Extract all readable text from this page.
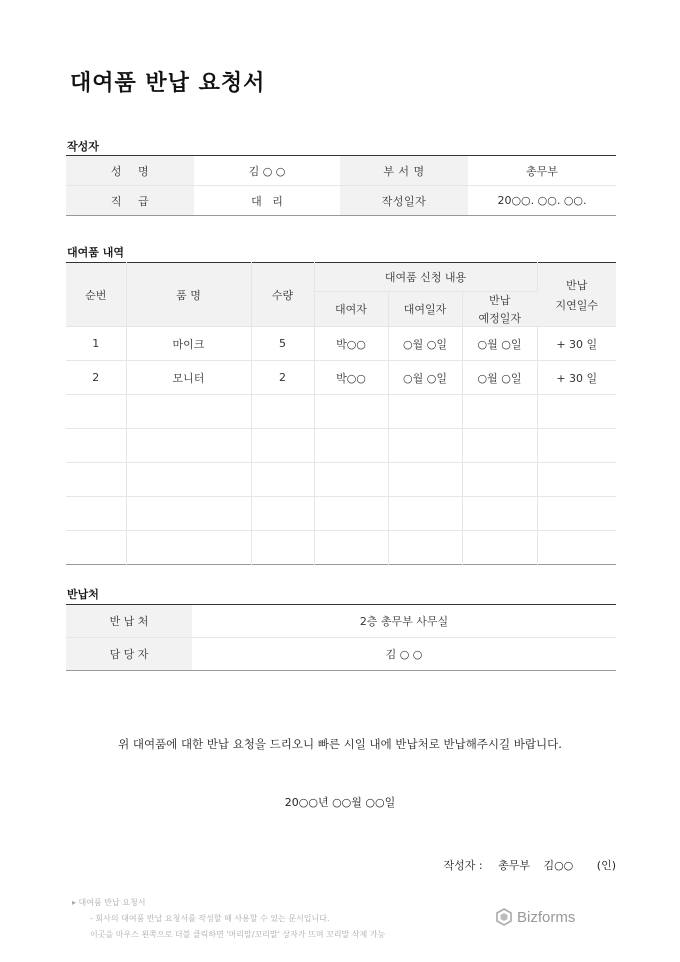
대여품 반납 요청서
작성자
성    명	김 ○ ○	부 서 명	총무부
직    급	대   리	작성일자	20○○. ○○. ○○.
대여품 내역
순번	품 명	수량	대여품 신청 내용			반납
지연일수

			대여자	대여일자	반납
예정일자	

1	마이크	5	박○○	○월 ○일	○월 ○일	+ 30 일
2	모니터	2	박○○	○월 ○일	○월 ○일	+ 30 일

반납처
반 납 처	2층 총무부 사무실
담 당 자	김 ○ ○
위 대여품에 대한 반납 요청을 드리오니 빠른 시일 내에 반납처로 반납해주시길 바랍니다.
20○○년 ○○월 ○○일
작성자 : 총무부 김○○ (인)
▸ 대여품 반납 요청서
- 회사의 대여품 반납 요청서를 작성할 때 사용할 수 있는 문서입니다.
이곳을 마우스 왼쪽으로 더블 클릭하면 '머리말/꼬리말' 상자가 뜨며 꼬리말 삭제 가능
Bizforms
